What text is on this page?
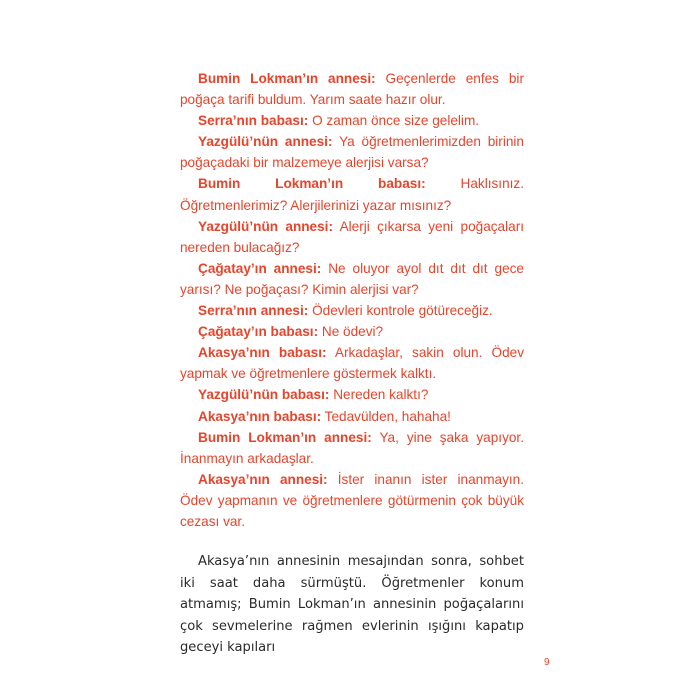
Bumin Lokman’ın annesi: Geçenlerde enfes bir poğaça tarifi buldum. Yarım saate hazır olur.

Serra’nın babası: O zaman önce size gelelim.

Yazgülü’nün annesi: Ya öğretmenlerimizden birinin poğaçadaki bir malzemeye alerjisi varsa?

Bumin Lokman’ın babası: Haklısınız. Öğretmenlerimiz? Alerjilerinizi yazar mısınız?

Yazgülü’nün annesi: Alerji çıkarsa yeni poğaçaları nereden bulacağız?

Çağatay’ın annesi: Ne oluyor ayol dıt dıt dıt gece yarısı? Ne poğaçası? Kimin alerjisi var?

Serra’nın annesi: Ödevleri kontrole götüreceğiz.

Çağatay’ın babası: Ne ödevi?

Akasya’nın babası: Arkadaşlar, sakin olun. Ödev yapmak ve öğretmenlere göstermek kalktı.

Yazgülü’nün babası: Nereden kalktı?

Akasya’nın babası: Tedavülden, hahaha!

Bumin Lokman’ın annesi: Ya, yine şaka yapıyor. İnanmayın arkadaşlar.

Akasya’nın annesi: İster inanın ister inanmayın. Ödev yapmanın ve öğretmenlere götürmenin çok büyük cezası var.

Akasya’nın annesinin mesajından sonra, sohbet iki saat daha sürmüştü. Öğretmenler konum atmamış; Bumin Lokman’ın annesinin poğaçalarını çok sevmelerine rağmen evlerinin ışığını kapatıp geceyi kapıları

9
